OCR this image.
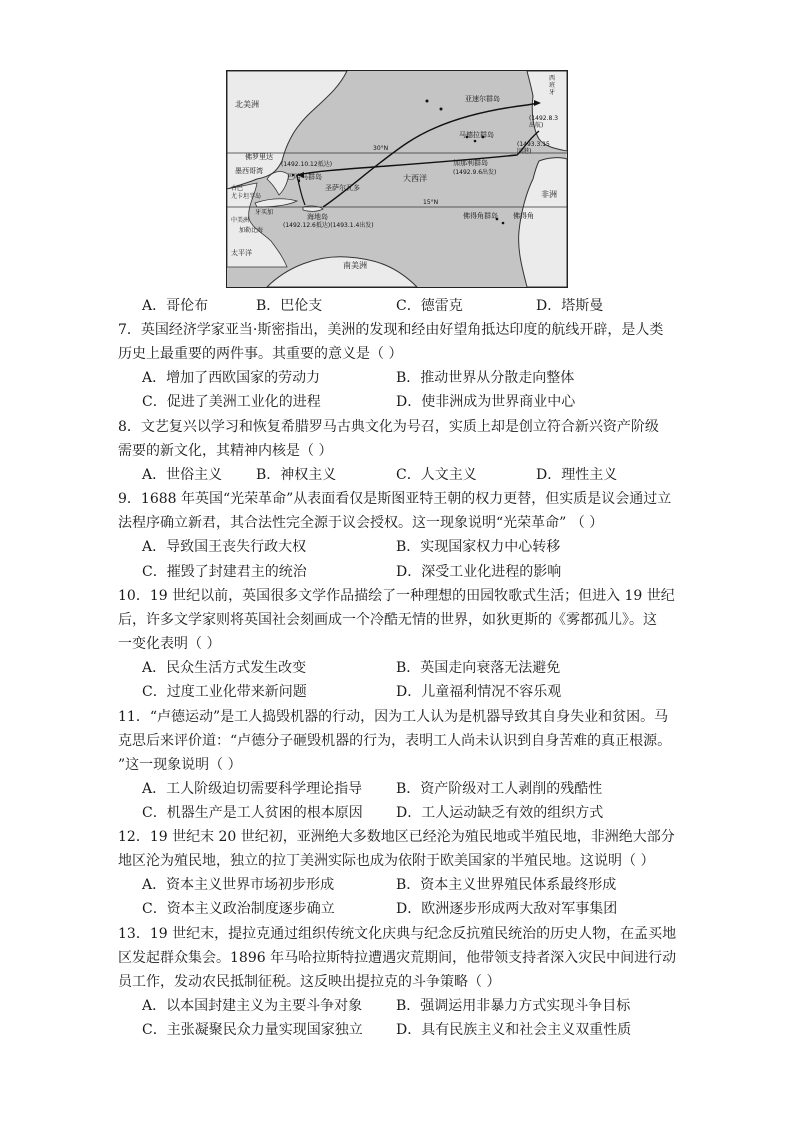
北美洲
南美洲
西班牙
亚速尔群岛
马德拉群岛
(1492.8.3出航)
(1493.3.15回港)
加那利群岛
(1492.9.6出发)
非洲
佛得角群岛 佛得角
大西洋
30°N
15°N
佛罗里达
墨西哥湾
(1492.10.12抵达)
巴哈马群岛
圣萨尔瓦多
古巴
尤卡坦半岛
牙买加
海地岛
(1492.12.6抵达)(1493.1.4出发)
中美洲
加勒比海
太平洋
A．哥伦布	B．巴伦支	C．德雷克	D．塔斯曼
7．英国经济学家亚当·斯密指出，美洲的发现和经由好望角抵达印度的航线开辟，是人类
历史上最重要的两件事。其重要的意义是（ ）
A．增加了西欧国家的劳动力	B．推动世界从分散走向整体
C．促进了美洲工业化的进程	D．使非洲成为世界商业中心
8．文艺复兴以学习和恢复希腊罗马古典文化为号召，实质上却是创立符合新兴资产阶级
需要的新文化，其精神内核是（ ）
A．世俗主义 B．神权主义	C．人文主义	D．理性主义
9．1688 年英国“光荣革命”从表面看仅是斯图亚特王朝的权力更替，但实质是议会通过立
法程序确立新君，其合法性完全源于议会授权。这一现象说明“光荣革命” （ ）
A．导致国王丧失行政大权	B．实现国家权力中心转移
C．摧毁了封建君主的统治	D．深受工业化进程的影响
10．19 世纪以前，英国很多文学作品描绘了一种理想的田园牧歌式生活；但进入 19 世纪
后，许多文学家则将英国社会刻画成一个冷酷无情的世界，如狄更斯的《雾都孤儿》。这
一变化表明（ ）
A．民众生活方式发生改变	B．英国走向衰落无法避免
C．过度工业化带来新问题	D．儿童福利情况不容乐观
11．“卢德运动”是工人捣毁机器的行动，因为工人认为是机器导致其自身失业和贫困。马
克思后来评价道：“卢德分子砸毁机器的行为，表明工人尚未认识到自身苦难的真正根源。
”这一现象说明（ ）
A．工人阶级迫切需要科学理论指导 B．资产阶级对工人剥削的残酷性
C．机器生产是工人贫困的根本原因 D．工人运动缺乏有效的组织方式
12．19 世纪末 20 世纪初，亚洲绝大多数地区已经沦为殖民地或半殖民地，非洲绝大部分
地区沦为殖民地，独立的拉丁美洲实际也成为依附于欧美国家的半殖民地。这说明（ ）
A．资本主义世界市场初步形成	B．资本主义世界殖民体系最终形成
C．资本主义政治制度逐步确立	D．欧洲逐步形成两大敌对军事集团
13．19 世纪末，提拉克通过组织传统文化庆典与纪念反抗殖民统治的历史人物，在孟买地
区发起群众集会。1896 年马哈拉斯特拉遭遇灾荒期间，他带领支持者深入灾民中间进行动
员工作，发动农民抵制征税。这反映出提拉克的斗争策略（ ）
A．以本国封建主义为主要斗争对象 B．强调运用非暴力方式实现斗争目标
C．主张凝聚民众力量实现国家独立 D．具有民族主义和社会主义双重性质
